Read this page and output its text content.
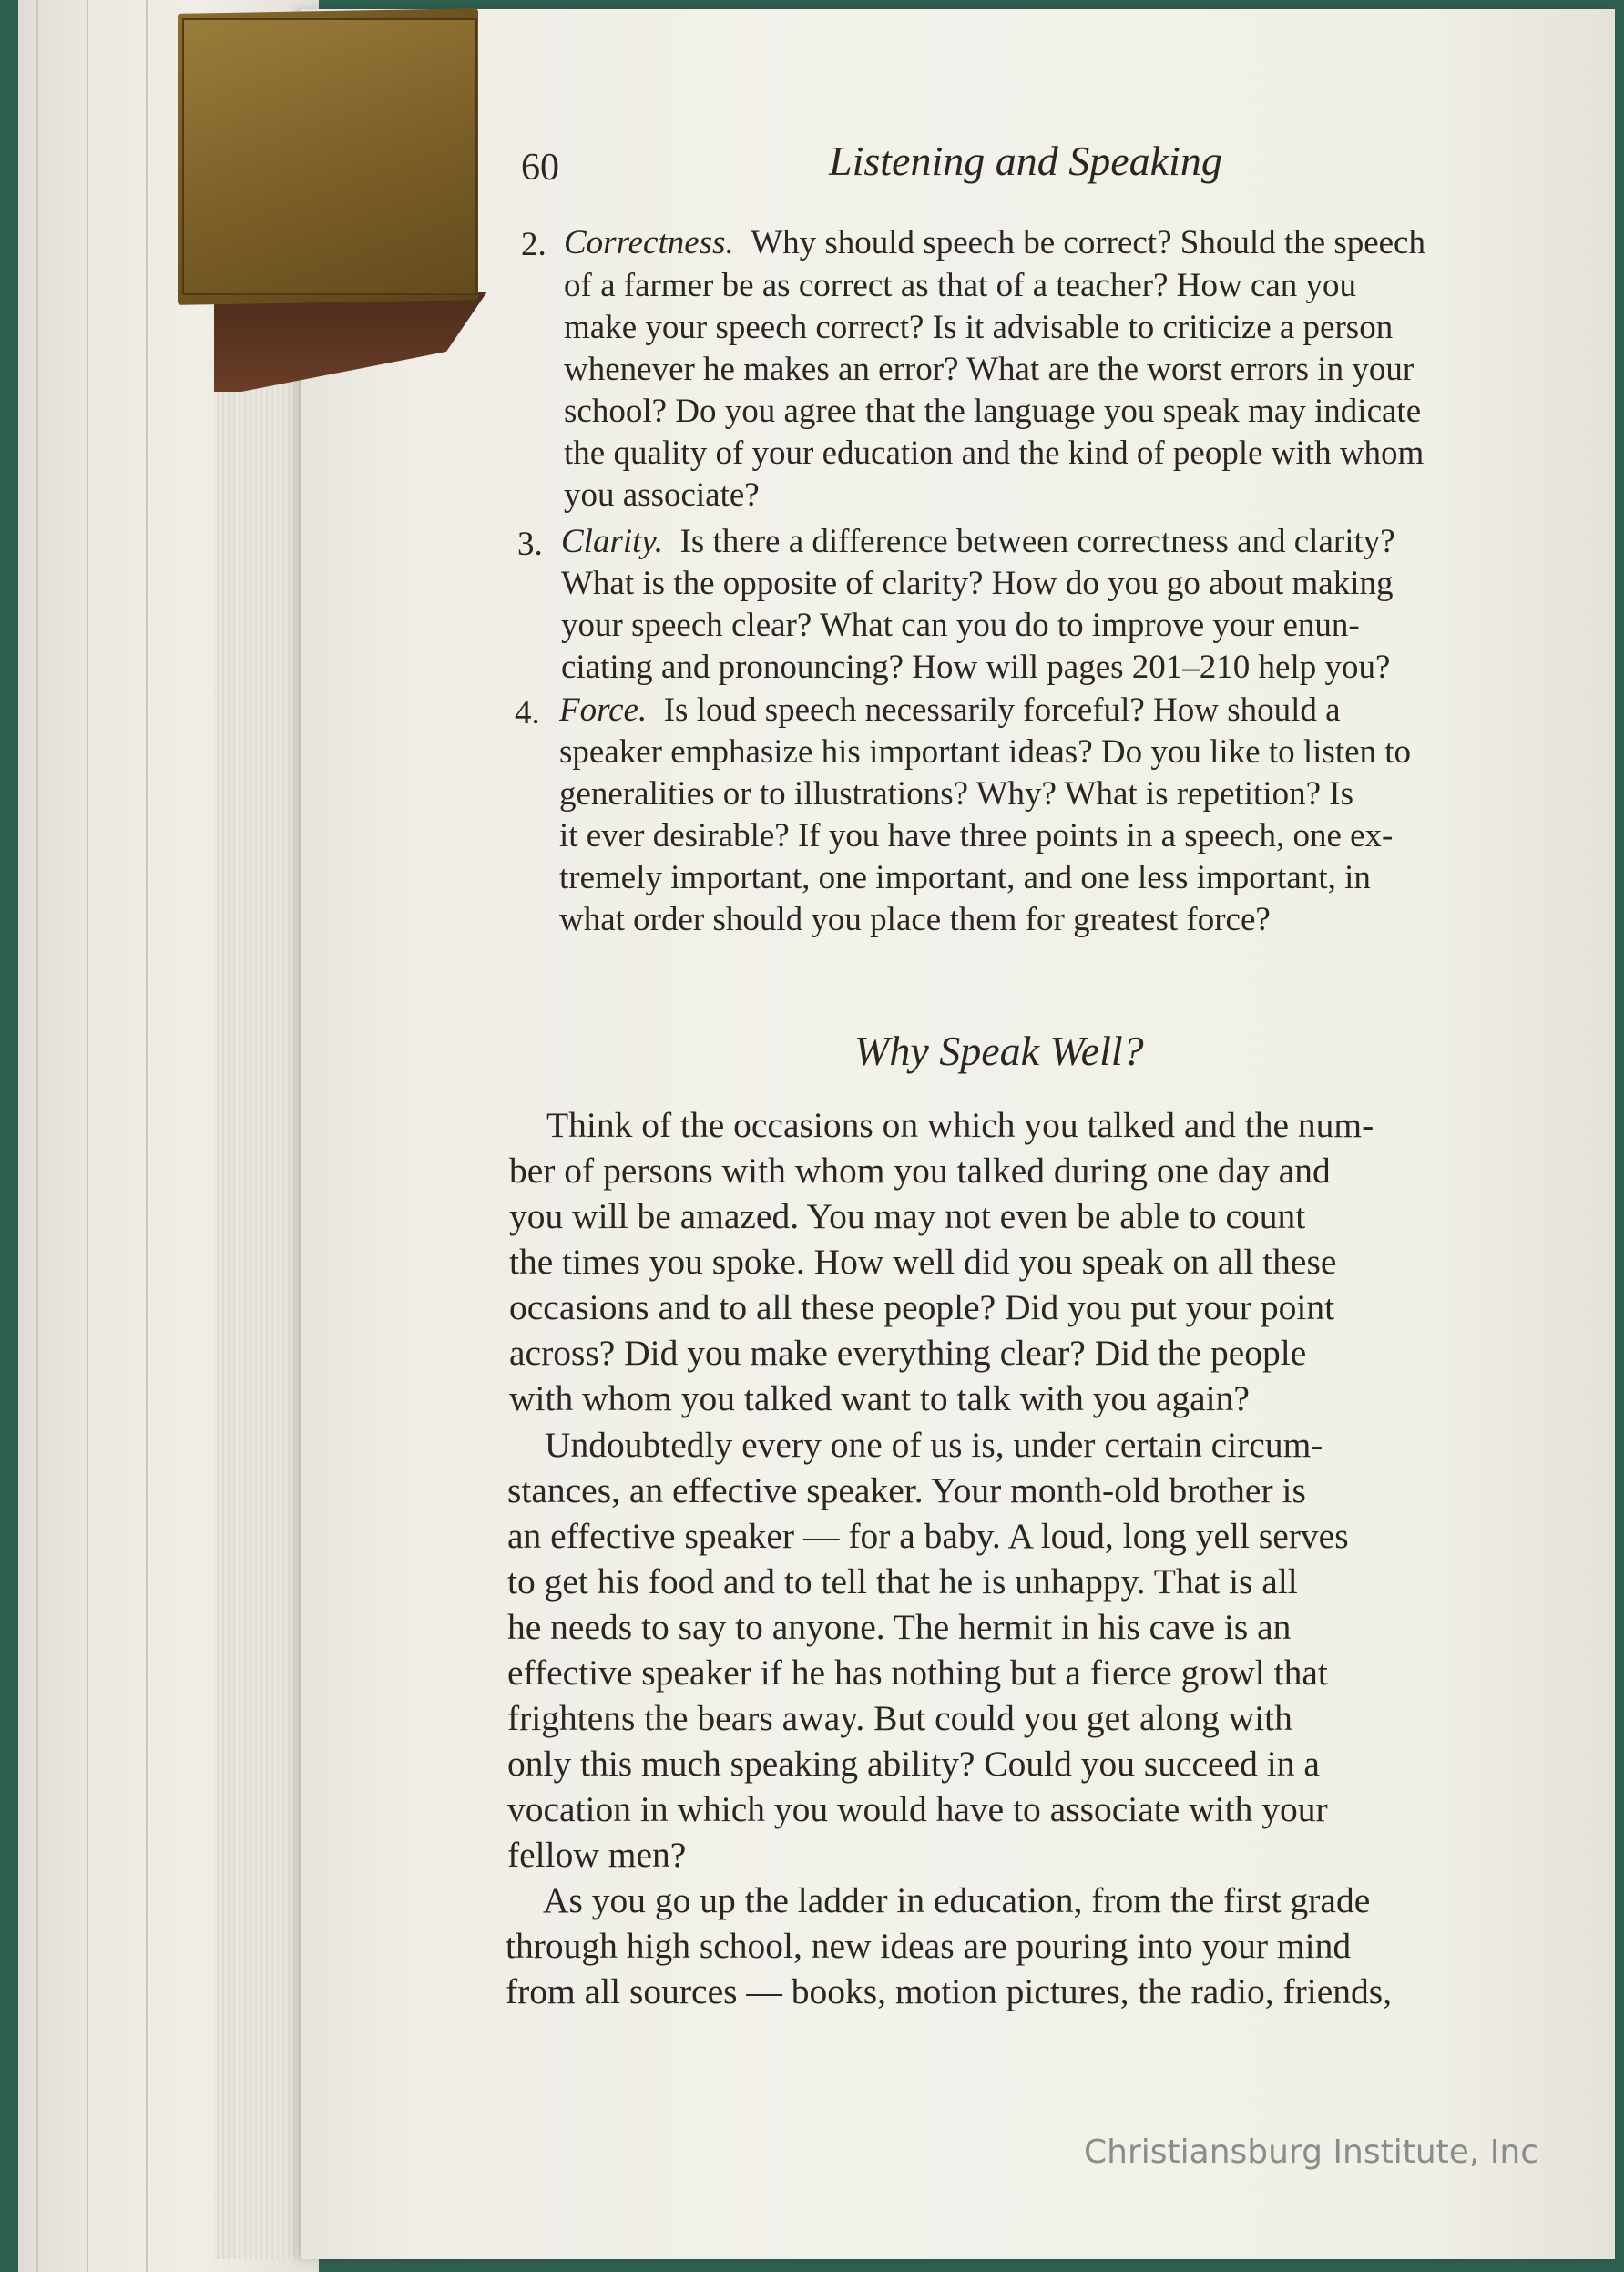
60	Listening and Speaking
2. Correctness. Why should speech be correct? Should the speech
of a farmer be as correct as that of a teacher? How can you
make your speech correct? Is it advisable to criticize a person
whenever he makes an error? What are the worst errors in your
school? Do you agree that the language you speak may indicate
the quality of your education and the kind of people with whom
you associate?
3. Clarity. Is there a difference between correctness and clarity?
What is the opposite of clarity? How do you go about making
your speech clear? What can you do to improve your enun-
ciating and pronouncing? How will pages 201–210 help you?
4. Force. Is loud speech necessarily forceful? How should a
speaker emphasize his important ideas? Do you like to listen to
generalities or to illustrations? Why? What is repetition? Is
it ever desirable? If you have three points in a speech, one ex-
tremely important, one important, and one less important, in
what order should you place them for greatest force?
Why Speak Well?
Think of the occasions on which you talked and the num-
ber of persons with whom you talked during one day and
you will be amazed. You may not even be able to count
the times you spoke. How well did you speak on all these
occasions and to all these people? Did you put your point
across? Did you make everything clear? Did the people
with whom you talked want to talk with you again?
Undoubtedly every one of us is, under certain circum-
stances, an effective speaker. Your month-old brother is
an effective speaker — for a baby. A loud, long yell serves
to get his food and to tell that he is unhappy. That is all
he needs to say to anyone. The hermit in his cave is an
effective speaker if he has nothing but a fierce growl that
frightens the bears away. But could you get along with
only this much speaking ability? Could you succeed in a
vocation in which you would have to associate with your
fellow men?
As you go up the ladder in education, from the first grade
through high school, new ideas are pouring into your mind
from all sources — books, motion pictures, the radio, friends,
Christiansburg Institute, Inc
